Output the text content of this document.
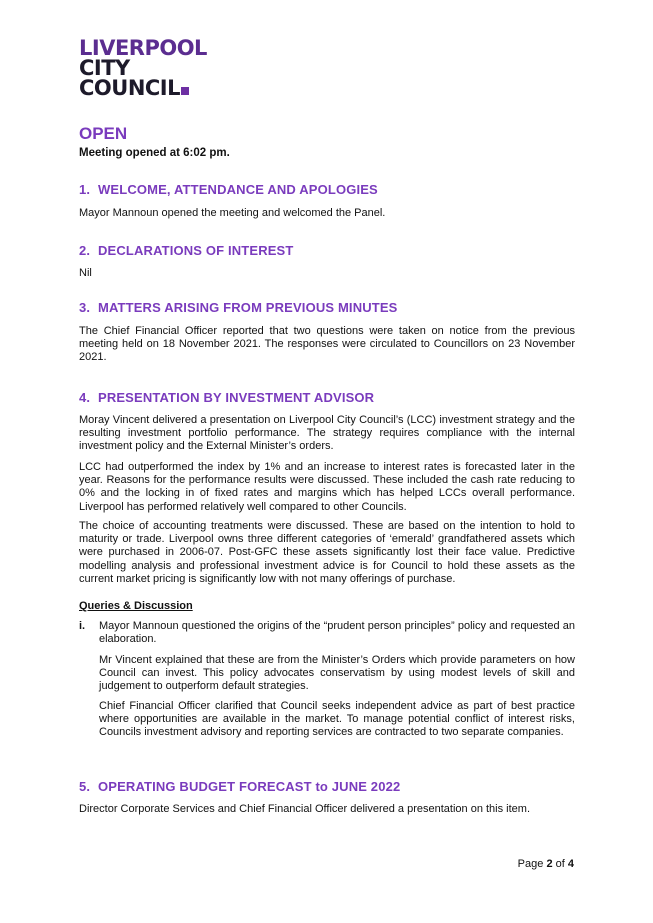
LIVERPOOL
CITY
COUNCIL
OPEN
Meeting opened at 6:02 pm.
1. WELCOME, ATTENDANCE AND APOLOGIES

Mayor Mannoun opened the meeting and welcomed the Panel.

2. DECLARATIONS OF INTEREST

Nil

3. MATTERS ARISING FROM PREVIOUS MINUTES

The Chief Financial Officer reported that two questions were taken on notice from the previous meeting held on 18 November 2021. The responses were circulated to Councillors on 23 November 2021.

4. PRESENTATION BY INVESTMENT ADVISOR

Moray Vincent delivered a presentation on Liverpool City Council’s (LCC) investment strategy and the resulting investment portfolio performance. The strategy requires compliance with the internal investment policy and the External Minister’s orders.

LCC had outperformed the index by 1% and an increase to interest rates is forecasted later in the year. Reasons for the performance results were discussed. These included the cash rate reducing to 0% and the locking in of fixed rates and margins which has helped LCCs overall performance. Liverpool has performed relatively well compared to other Councils.

The choice of accounting treatments were discussed. These are based on the intention to hold to maturity or trade. Liverpool owns three different categories of ‘emerald’ grandfathered assets which were purchased in 2006-07. Post-GFC these assets significantly lost their face value. Predictive modelling analysis and professional investment advice is for Council to hold these assets as the current market pricing is significantly low with not many offerings of purchase.

Queries & Discussion
i. Mayor Mannoun questioned the origins of the “prudent person principles” policy and requested an elaboration.

Mr Vincent explained that these are from the Minister’s Orders which provide parameters on how Council can invest. This policy advocates conservatism by using modest levels of skill and judgement to outperform default strategies.

Chief Financial Officer clarified that Council seeks independent advice as part of best practice where opportunities are available in the market. To manage potential conflict of interest risks, Councils investment advisory and reporting services are contracted to two separate companies.

5. OPERATING BUDGET FORECAST to JUNE 2022

Director Corporate Services and Chief Financial Officer delivered a presentation on this item.

Page 2 of 4
